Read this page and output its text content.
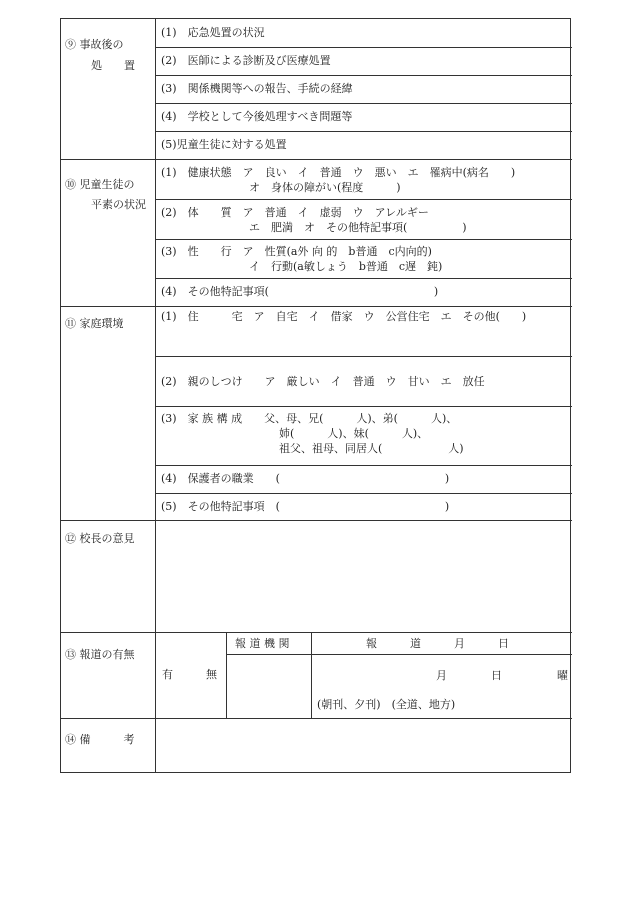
⑨ 事故後の
処　　置
(1)　応急処置の状況
(2)　医師による診断及び医療処置
(3)　関係機関等への報告、手続の経緯
(4)　学校として今後処理すべき問題等
(5)児童生徒に対する処置
⑩ 児童生徒の
平素の状況
(1)　健康状態　ア　良い　イ　普通　ウ　悪い　エ　罹病中(病名　　)
オ　身体の障がい(程度　　　)
(2)　体　　質　ア　普通　イ　虚弱　ウ　アレルギー
エ　肥満　オ　その他特記事項(　　　　　)
(3)　性　　行　ア　性質(a外 向 的　b普通　c内向的)
イ　行動(a敏しょう　b普通　c遅　鈍)
(4)　その他特記事項(　　　　　　　　　　　　　　　)
⑪ 家庭環境
(1)　住　　　宅　ア　自宅　イ　借家　ウ　公営住宅　エ　その他(　　)
(2)　親のしつけ　　ア　厳しい　イ　普通　ウ　甘い　エ　放任
(3)　家 族 構 成　　父、母、兄(　　　人)、弟(　　　人)、
姉(　　　人)、妹(　　　人)、
祖父、祖母、同居人(　　　　　　人)
(4)　保護者の職業　　(　　　　　　　　　　　　　　　)
(5)　その他特記事項　(　　　　　　　　　　　　　　　)
⑫ 校長の意見
⑬ 報道の有無
有　　　無
報 道 機 関	報　　　道　　　月　　　日
月　　　　日　　　　　曜
(朝刊、夕刊)　(全道、地方)
⑭ 備　　　考
